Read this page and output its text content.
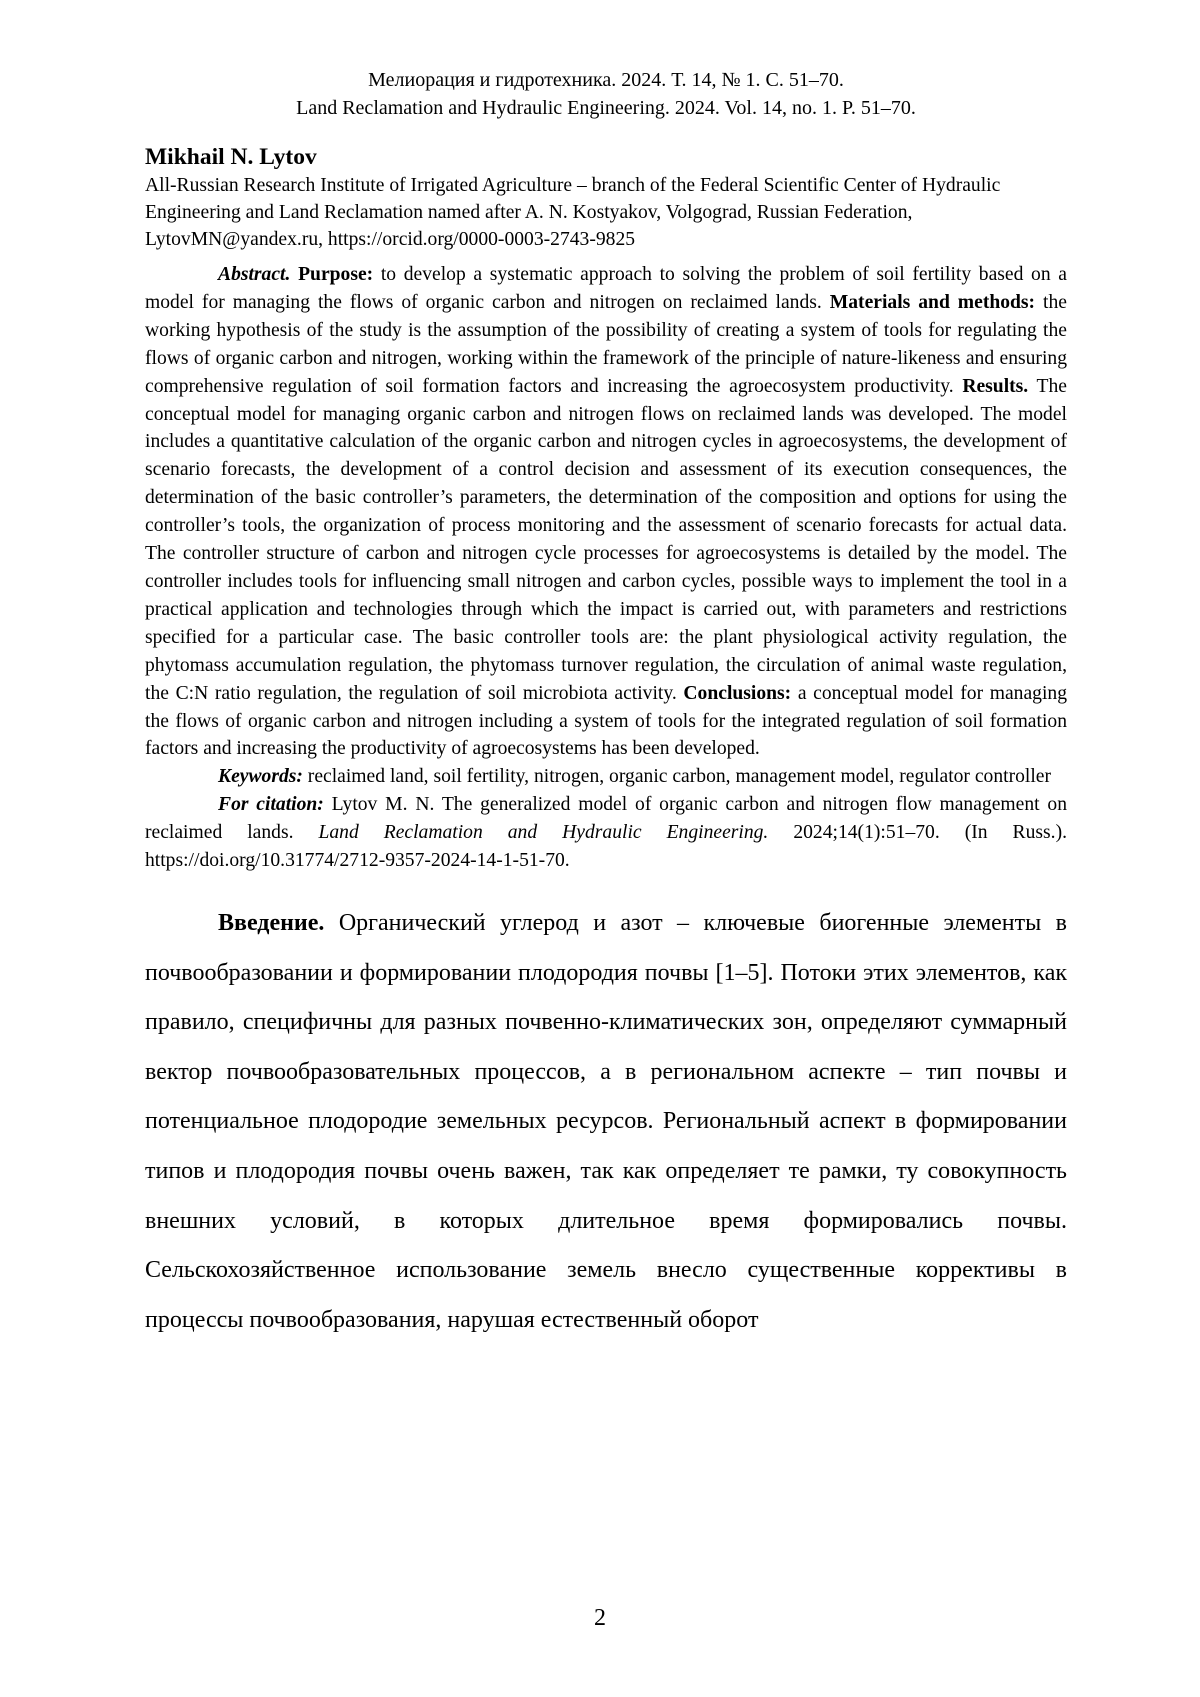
Мелиорация и гидротехника. 2024. Т. 14, № 1. С. 51–70.
Land Reclamation and Hydraulic Engineering. 2024. Vol. 14, no. 1. P. 51–70.
Mikhail N. Lytov
All-Russian Research Institute of Irrigated Agriculture – branch of the Federal Scientific Center of Hydraulic Engineering and Land Reclamation named after A. N. Kostyakov, Volgograd, Russian Federation, LytovMN@yandex.ru, https://orcid.org/0000-0003-2743-9825

Abstract. Purpose: to develop a systematic approach to solving the problem of soil fertility based on a model for managing the flows of organic carbon and nitrogen on reclaimed lands. Materials and methods: the working hypothesis of the study is the assumption of the possibility of creating a system of tools for regulating the flows of organic carbon and nitrogen, working within the framework of the principle of nature-likeness and ensuring comprehensive regulation of soil formation factors and increasing the agroecosystem productivity. Results. The conceptual model for managing organic carbon and nitrogen flows on reclaimed lands was developed. The model includes a quantitative calculation of the organic carbon and nitrogen cycles in agroecosystems, the development of scenario forecasts, the development of a control decision and assessment of its execution consequences, the determination of the basic controller’s parameters, the determination of the composition and options for using the controller’s tools, the organization of process monitoring and the assessment of scenario forecasts for actual data. The controller structure of carbon and nitrogen cycle processes for agroecosystems is detailed by the model. The controller includes tools for influencing small nitrogen and carbon cycles, possible ways to implement the tool in a practical application and technologies through which the impact is carried out, with parameters and restrictions specified for a particular case. The basic controller tools are: the plant physiological activity regulation, the phytomass accumulation regulation, the phytomass turnover regulation, the circulation of animal waste regulation, the C:N ratio regulation, the regulation of soil microbiota activity. Conclusions: a conceptual model for managing the flows of organic carbon and nitrogen including a system of tools for the integrated regulation of soil formation factors and increasing the productivity of agroecosystems has been developed.

Keywords: reclaimed land, soil fertility, nitrogen, organic carbon, management model, regulator controller

For citation: Lytov M. N. The generalized model of organic carbon and nitrogen flow management on reclaimed lands. Land Reclamation and Hydraulic Engineering. 2024;14(1):51–70. (In Russ.). https://doi.org/10.31774/2712-9357-2024-14-1-51-70.

Введение. Органический углерод и азот – ключевые биогенные элементы в почвообразовании и формировании плодородия почвы [1–5]. Потоки этих элементов, как правило, специфичны для разных почвенно-климатических зон, определяют суммарный вектор почвообразовательных процессов, а в региональном аспекте – тип почвы и потенциальное плодородие земельных ресурсов. Региональный аспект в формировании типов и плодородия почвы очень важен, так как определяет те рамки, ту совокупность внешних условий, в которых длительное время формировались почвы. Сельскохозяйственное использование земель внесло существенные коррективы в процессы почвообразования, нарушая естественный оборот

2
